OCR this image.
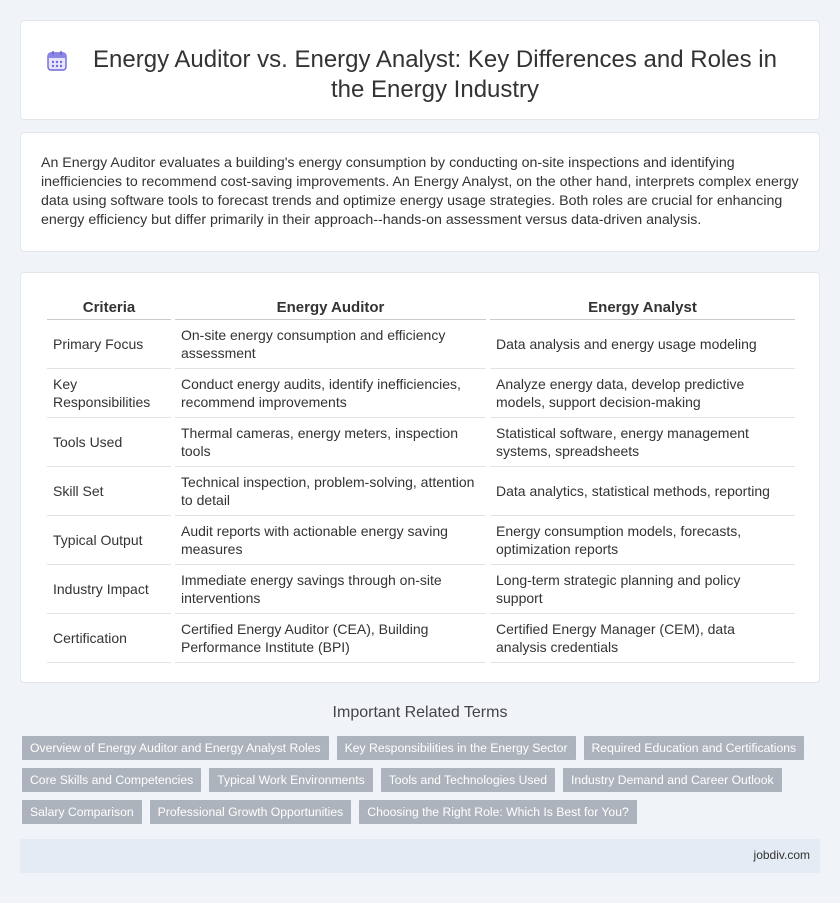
Energy Auditor vs. Energy Analyst: Key Differences and Roles in the Energy Industry

An Energy Auditor evaluates a building's energy consumption by conducting on-site inspections and identifying inefficiencies to recommend cost-saving improvements. An Energy Analyst, on the other hand, interprets complex energy data using software tools to forecast trends and optimize energy usage strategies. Both roles are crucial for enhancing energy efficiency but differ primarily in their approach--hands-on assessment versus data-driven analysis.

Criteria	Energy Auditor	Energy Analyst
Primary Focus	On-site energy consumption and efficiency assessment	Data analysis and energy usage modeling
Key Responsibilities	Conduct energy audits, identify inefficiencies, recommend improvements	Analyze energy data, develop predictive models, support decision-making
Tools Used	Thermal cameras, energy meters, inspection tools	Statistical software, energy management systems, spreadsheets
Skill Set	Technical inspection, problem-solving, attention to detail	Data analytics, statistical methods, reporting
Typical Output	Audit reports with actionable energy saving measures	Energy consumption models, forecasts, optimization reports
Industry Impact	Immediate energy savings through on-site interventions	Long-term strategic planning and policy support
Certification	Certified Energy Auditor (CEA), Building Performance Institute (BPI)	Certified Energy Manager (CEM), data analysis credentials
Important Related Terms
Overview of Energy Auditor and Energy Analyst Roles	Key Responsibilities in the Energy Sector	Required Education and Certifications
Core Skills and Competencies	Typical Work Environments	Tools and Technologies Used	Industry Demand and Career Outlook
Salary Comparison	Professional Growth Opportunities	Choosing the Right Role: Which Is Best for You?
jobdiv.com
